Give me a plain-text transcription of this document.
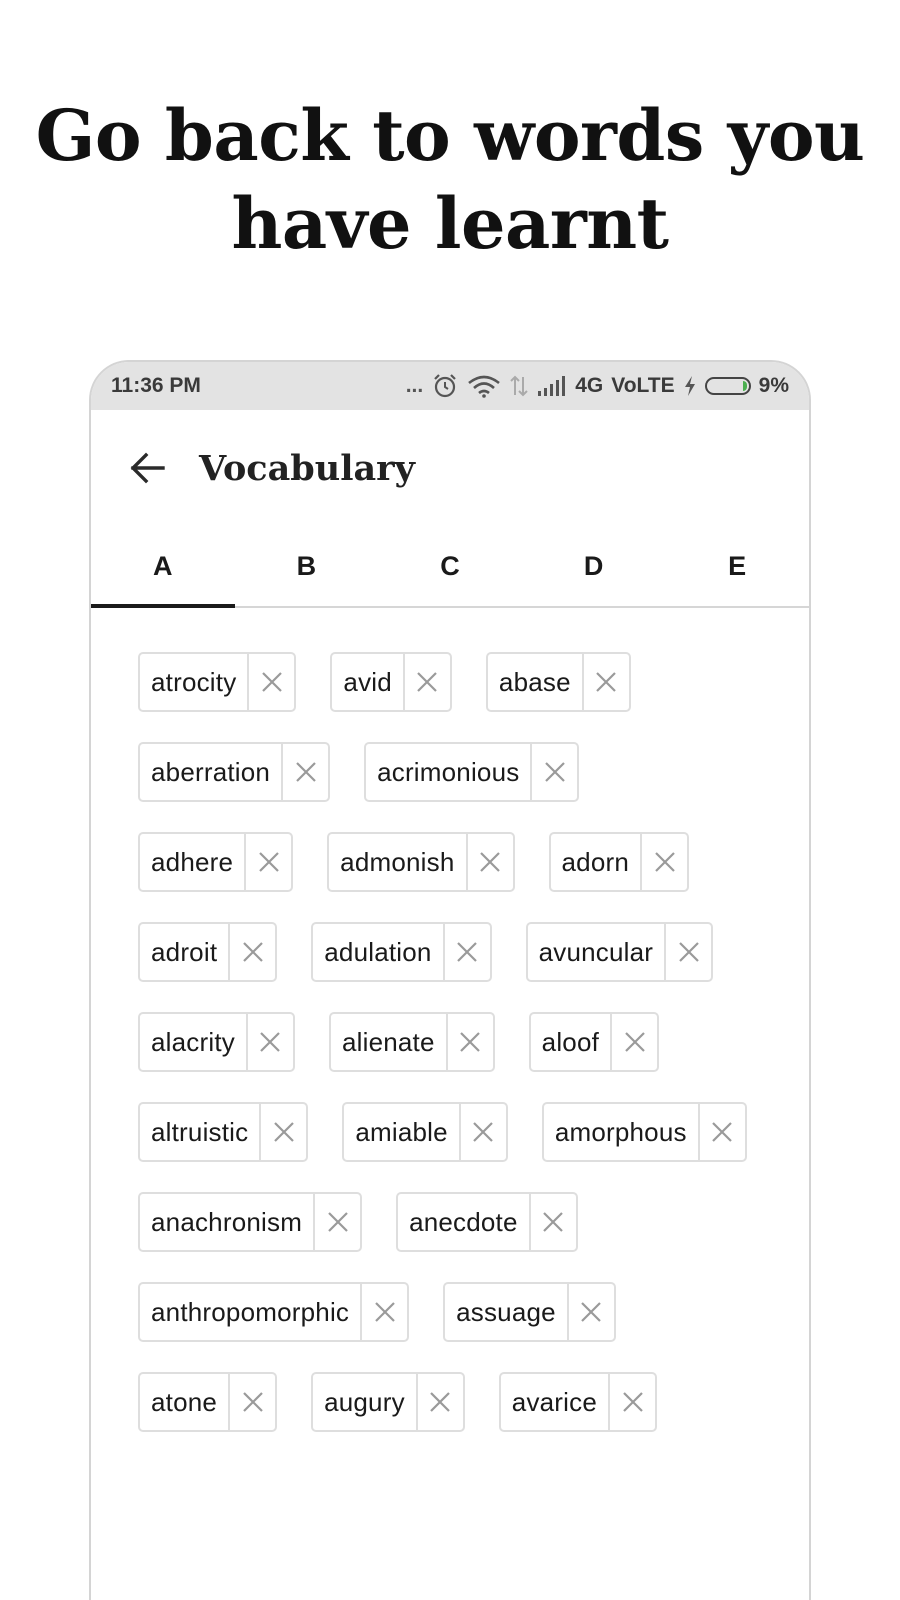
Go back to words you
have learnt
11:36 PM	...	4G VoLTE	9%
Vocabulary
A	B	C	D	E
atrocity	avid	abase
aberration	acrimonious
adhere	admonish	adorn
adroit	adulation	avuncular
alacrity	alienate	aloof
altruistic	amiable	amorphous
anachronism	anecdote
anthropomorphic	assuage
atone	augury	avarice
